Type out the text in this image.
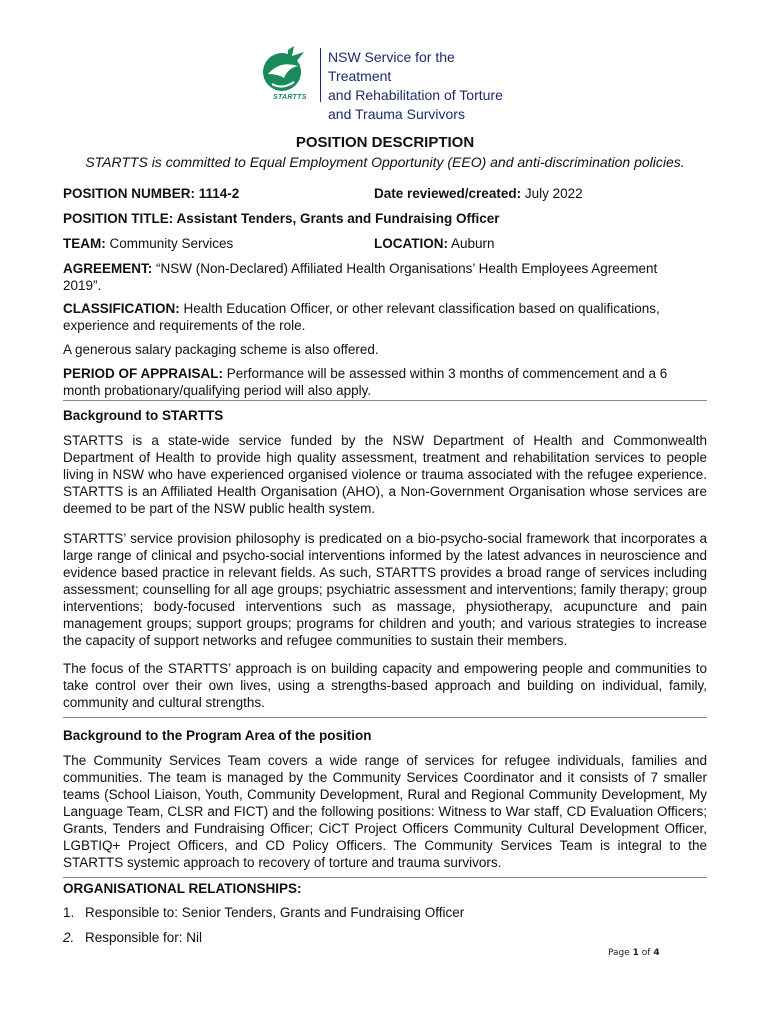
STARTTS
NSW Service for the Treatment
and Rehabilitation of Torture
and Trauma Survivors
POSITION DESCRIPTION
STARTTS is committed to Equal Employment Opportunity (EEO) and anti-discrimination policies.
POSITION NUMBER: 1114-2	Date reviewed/created: July 2022
POSITION TITLE: Assistant Tenders, Grants and Fundraising Officer
TEAM: Community Services	LOCATION: Auburn
AGREEMENT: “NSW (Non-Declared) Affiliated Health Organisations’ Health Employees Agreement
2019”.
CLASSIFICATION: Health Education Officer, or other relevant classification based on qualifications,
experience and requirements of the role.
A generous salary packaging scheme is also offered.
PERIOD OF APPRAISAL: Performance will be assessed within 3 months of commencement and a 6
month probationary/qualifying period will also apply.
Background to STARTTS
STARTTS is a state-wide service funded by the NSW Department of Health and Commonwealth Department of Health to provide high quality assessment, treatment and rehabilitation services to people living in NSW who have experienced organised violence or trauma associated with the refugee experience. STARTTS is an Affiliated Health Organisation (AHO), a Non-Government Organisation whose services are deemed to be part of the NSW public health system.
STARTTS’ service provision philosophy is predicated on a bio-psycho-social framework that incorporates a large range of clinical and psycho-social interventions informed by the latest advances in neuroscience and evidence based practice in relevant fields. As such, STARTTS provides a broad range of services including assessment; counselling for all age groups; psychiatric assessment and interventions; family therapy; group interventions; body-focused interventions such as massage, physiotherapy, acupuncture and pain management groups; support groups; programs for children and youth; and various strategies to increase the capacity of support networks and refugee communities to sustain their members.
The focus of the STARTTS’ approach is on building capacity and empowering people and communities to take control over their own lives, using a strengths-based approach and building on individual, family, community and cultural strengths.
Background to the Program Area of the position
The Community Services Team covers a wide range of services for refugee individuals, families and communities. The team is managed by the Community Services Coordinator and it consists of 7 smaller teams (School Liaison, Youth, Community Development, Rural and Regional Community Development, My Language Team, CLSR and FICT) and the following positions: Witness to War staff, CD Evaluation Officers; Grants, Tenders and Fundraising Officer; CiCT Project Officers Community Cultural Development Officer, LGBTIQ+ Project Officers, and CD Policy Officers. The Community Services Team is integral to the STARTTS systemic approach to recovery of torture and trauma survivors.
ORGANISATIONAL RELATIONSHIPS:
1. Responsible to: Senior Tenders, Grants and Fundraising Officer
2. Responsible for: Nil
Page 1 of 4
